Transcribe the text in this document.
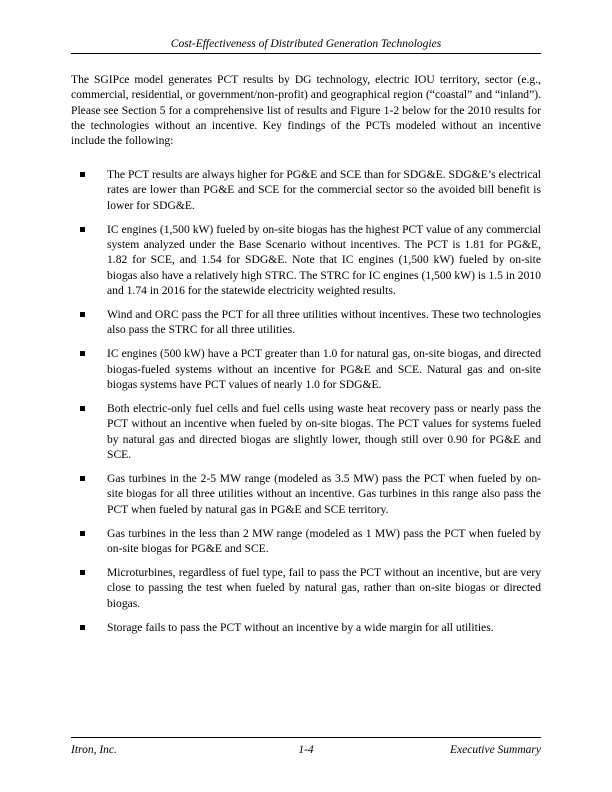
Cost-Effectiveness of Distributed Generation Technologies

The SGIPce model generates PCT results by DG technology, electric IOU territory, sector (e.g., commercial, residential, or government/non-profit) and geographical region (“coastal” and “inland”). Please see Section 5 for a comprehensive list of results and Figure 1-2 below for the 2010 results for the technologies without an incentive. Key findings of the PCTs modeled without an incentive include the following:

The PCT results are always higher for PG&E and SCE than for SDG&E. SDG&E’s electrical rates are lower than PG&E and SCE for the commercial sector so the avoided bill benefit is lower for SDG&E.
IC engines (1,500 kW) fueled by on-site biogas has the highest PCT value of any commercial system analyzed under the Base Scenario without incentives. The PCT is 1.81 for PG&E, 1.82 for SCE, and 1.54 for SDG&E. Note that IC engines (1,500 kW) fueled by on-site biogas also have a relatively high STRC. The STRC for IC engines (1,500 kW) is 1.5 in 2010 and 1.74 in 2016 for the statewide electricity weighted results.
Wind and ORC pass the PCT for all three utilities without incentives. These two technologies also pass the STRC for all three utilities.
IC engines (500 kW) have a PCT greater than 1.0 for natural gas, on-site biogas, and directed biogas-fueled systems without an incentive for PG&E and SCE. Natural gas and on-site biogas systems have PCT values of nearly 1.0 for SDG&E.
Both electric-only fuel cells and fuel cells using waste heat recovery pass or nearly pass the PCT without an incentive when fueled by on-site biogas. The PCT values for systems fueled by natural gas and directed biogas are slightly lower, though still over 0.90 for PG&E and SCE.
Gas turbines in the 2-5 MW range (modeled as 3.5 MW) pass the PCT when fueled by on-site biogas for all three utilities without an incentive. Gas turbines in this range also pass the PCT when fueled by natural gas in PG&E and SCE territory.
Gas turbines in the less than 2 MW range (modeled as 1 MW) pass the PCT when fueled by on-site biogas for PG&E and SCE.
Microturbines, regardless of fuel type, fail to pass the PCT without an incentive, but are very close to passing the test when fueled by natural gas, rather than on-site biogas or directed biogas.
Storage fails to pass the PCT without an incentive by a wide margin for all utilities.
Itron, Inc.	1-4	Executive Summary
